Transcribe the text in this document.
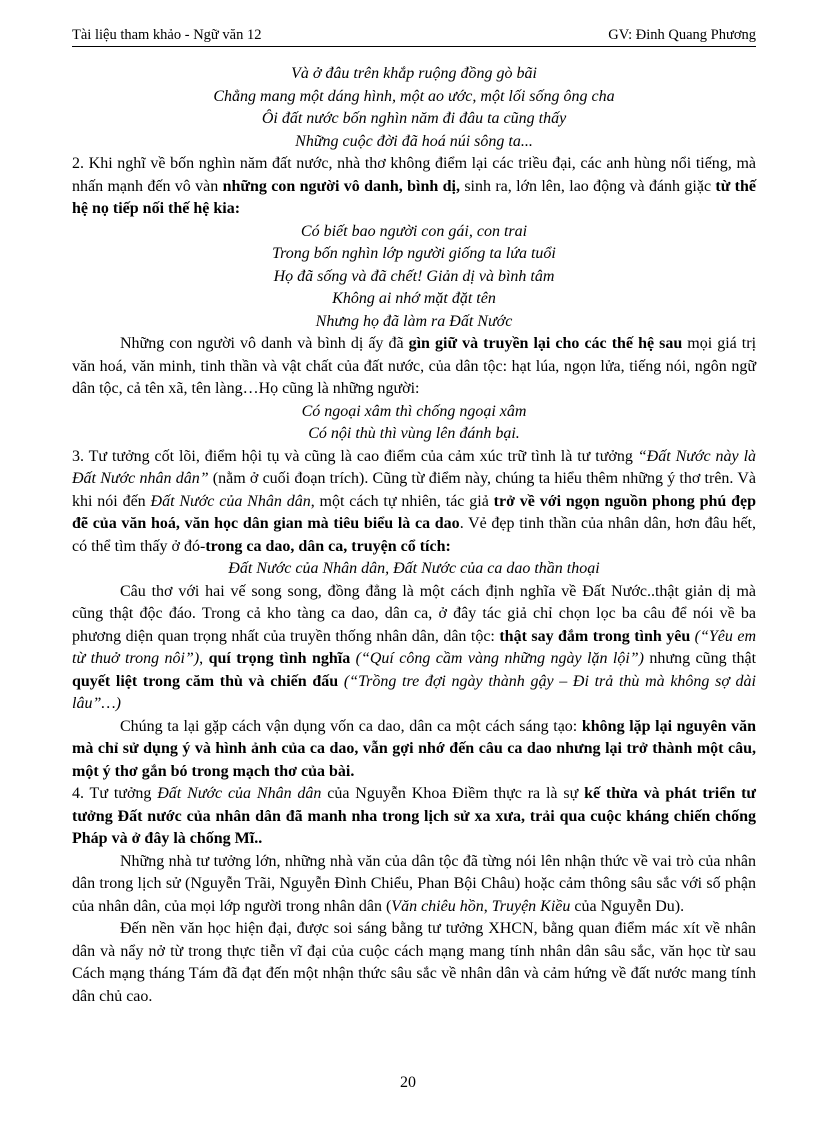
Tài liệu tham khảo - Ngữ văn 12	GV: Đinh Quang Phương

Và ở đâu trên khắp ruộng đồng gò bãi

Chẳng mang một dáng hình, một ao ước, một lối sống ông cha

Ôi đất nước bốn nghìn năm đi đâu ta cũng thấy

Những cuộc đời đã hoá núi sông ta...

2. Khi nghĩ về bốn nghìn năm đất nước, nhà thơ không điểm lại các triều đại, các anh hùng nổi tiếng, mà nhấn mạnh đến vô vàn những con người vô danh, bình dị, sinh ra, lớn lên, lao động và đánh giặc từ thế hệ nọ tiếp nối thế hệ kia:

Có biết bao người con gái, con trai

Trong bốn nghìn lớp người giống ta lứa tuổi

Họ đã sống và đã chết! Giản dị và bình tâm

Không ai nhớ mặt đặt tên

Nhưng họ đã làm ra Đất Nước

Những con người vô danh và bình dị ấy đã gìn giữ và truyền lại cho các thế hệ sau mọi giá trị văn hoá, văn minh, tinh thần và vật chất của đất nước, của dân tộc: hạt lúa, ngọn lửa, tiếng nói, ngôn ngữ dân tộc, cả tên xã, tên làng…Họ cũng là những người:

Có ngoại xâm thì chống ngoại xâm

Có nội thù thì vùng lên đánh bại.

3. Tư tưởng cốt lõi, điểm hội tụ và cũng là cao điểm của cảm xúc trữ tình là tư tưởng “Đất Nước này là Đất Nước nhân dân” (nằm ở cuối đoạn trích). Cũng từ điểm này, chúng ta hiểu thêm những ý thơ trên. Và khi nói đến Đất Nước của Nhân dân, một cách tự nhiên, tác giả trở về với ngọn nguồn phong phú đẹp đẽ của văn hoá, văn học dân gian mà tiêu biểu là ca dao. Vẻ đẹp tinh thần của nhân dân, hơn đâu hết, có thể tìm thấy ở đó-trong ca dao, dân ca, truyện cổ tích:

Đất Nước của Nhân dân, Đất Nước của ca dao thần thoại

Câu thơ với hai vế song song, đồng đẳng là một cách định nghĩa về Đất Nước..thật giản dị mà cũng thật độc đáo. Trong cả kho tàng ca dao, dân ca, ở đây tác giả chỉ chọn lọc ba câu để nói về ba phương diện quan trọng nhất của truyền thống nhân dân, dân tộc: thật say đắm trong tình yêu (“Yêu em từ thuở trong nôi”), quí trọng tình nghĩa (“Quí công cầm vàng những ngày lặn lội”) nhưng cũng thật quyết liệt trong căm thù và chiến đấu (“Trồng tre đợi ngày thành gậy – Đi trả thù mà không sợ dài lâu”…)

Chúng ta lại gặp cách vận dụng vốn ca dao, dân ca một cách sáng tạo: không lặp lại nguyên văn mà chỉ sử dụng ý và hình ảnh của ca dao, vẫn gợi nhớ đến câu ca dao nhưng lại trở thành một câu, một ý thơ gắn bó trong mạch thơ của bài.

4. Tư tưởng Đất Nước của Nhân dân của Nguyễn Khoa Điềm thực ra là sự kế thừa và phát triển tư tưởng Đất nước của nhân dân đã manh nha trong lịch sử xa xưa, trải qua cuộc kháng chiến chống Pháp và ở đây là chống Mĩ..

Những nhà tư tưởng lớn, những nhà văn của dân tộc đã từng nói lên nhận thức về vai trò của nhân dân trong lịch sử (Nguyễn Trãi, Nguyễn Đình Chiểu, Phan Bội Châu) hoặc cảm thông sâu sắc với số phận của nhân dân, của mọi lớp người trong nhân dân (Văn chiêu hồn, Truyện Kiều của Nguyễn Du).

Đến nền văn học hiện đại, được soi sáng bằng tư tưởng XHCN, bằng quan điểm mác xít về nhân dân và nẩy nở từ trong thực tiễn vĩ đại của cuộc cách mạng mang tính nhân dân sâu sắc, văn học từ sau Cách mạng tháng Tám đã đạt đến một nhận thức sâu sắc về nhân dân và cảm hứng về đất nước mang tính dân chủ cao.

20
